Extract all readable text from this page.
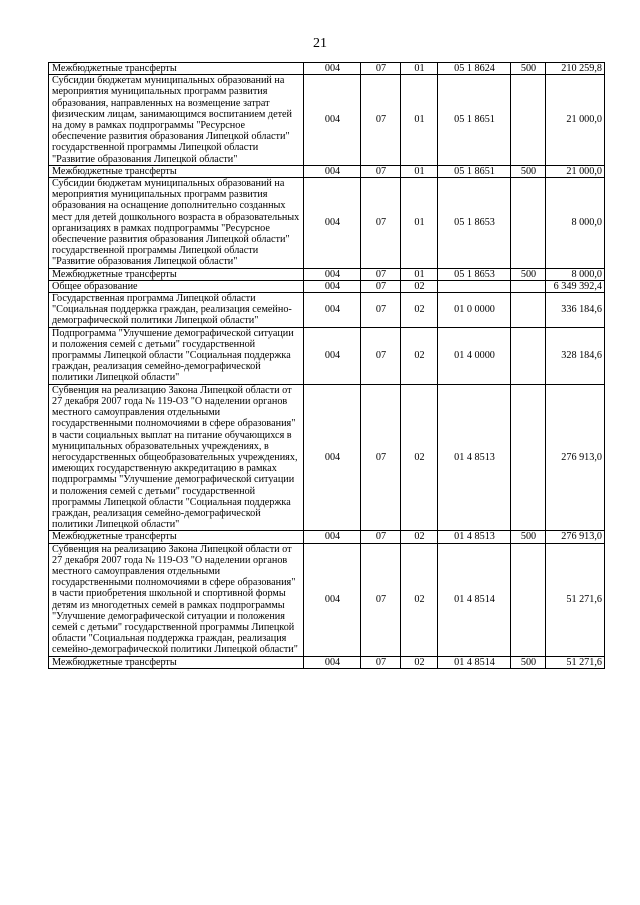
21
Межбюджетные трансферты	004	07	01	05 1 8624	500	210 259,8
Субсидии бюджетам муниципальных образований на мероприятия муниципальных программ развития образования, направленных на возмещение затрат физическим лицам, занимающимся воспитанием детей на дому в рамках подпрограммы "Ресурсное обеспечение развития образования Липецкой области" государственной программы Липецкой области "Развитие образования Липецкой области"	004	07	01	05 1 8651		21 000,0
Межбюджетные трансферты	004	07	01	05 1 8651	500	21 000,0
Субсидии бюджетам муниципальных образований на мероприятия муниципальных программ развития образования на оснащение дополнительно созданных мест для детей дошкольного возраста в образовательных организациях в рамках подпрограммы "Ресурсное обеспечение развития образования Липецкой области" государственной программы Липецкой области "Развитие образования Липецкой области"	004	07	01	05 1 8653		8 000,0
Межбюджетные трансферты	004	07	01	05 1 8653	500	8 000,0
Общее образование	004	07	02			6 349 392,4
Государственная программа Липецкой области "Социальная поддержка граждан, реализация семейно-демографической политики Липецкой области"	004	07	02	01 0 0000		336 184,6
Подпрограмма "Улучшение демографической ситуации и положения семей с детьми" государственной программы Липецкой области "Социальная поддержка граждан, реализация семейно-демографической политики Липецкой области"	004	07	02	01 4 0000		328 184,6
Субвенция на реализацию Закона Липецкой области от 27 декабря 2007 года № 119-ОЗ "О наделении органов местного самоуправления отдельными государственными полномочиями в сфере образования" в части социальных выплат на питание обучающихся в муниципальных образовательных учреждениях, в негосударственных общеобразовательных учреждениях, имеющих государственную аккредитацию в рамках подпрограммы "Улучшение демографической ситуации и положения семей с детьми" государственной программы Липецкой области "Социальная поддержка граждан, реализация семейно-демографической политики Липецкой области"	004	07	02	01 4 8513		276 913,0
Межбюджетные трансферты	004	07	02	01 4 8513	500	276 913,0
Субвенция на реализацию Закона Липецкой области от 27 декабря 2007 года № 119-ОЗ "О наделении органов местного самоуправления отдельными государственными полномочиями в сфере образования" в части приобретения школьной и спортивной формы детям из многодетных семей в рамках подпрограммы "Улучшение демографической ситуации и положения семей с детьми" государственной программы Липецкой области "Социальная поддержка граждан, реализация семейно-демографической политики Липецкой области"	004	07	02	01 4 8514		51 271,6
Межбюджетные трансферты	004	07	02	01 4 8514	500	51 271,6
